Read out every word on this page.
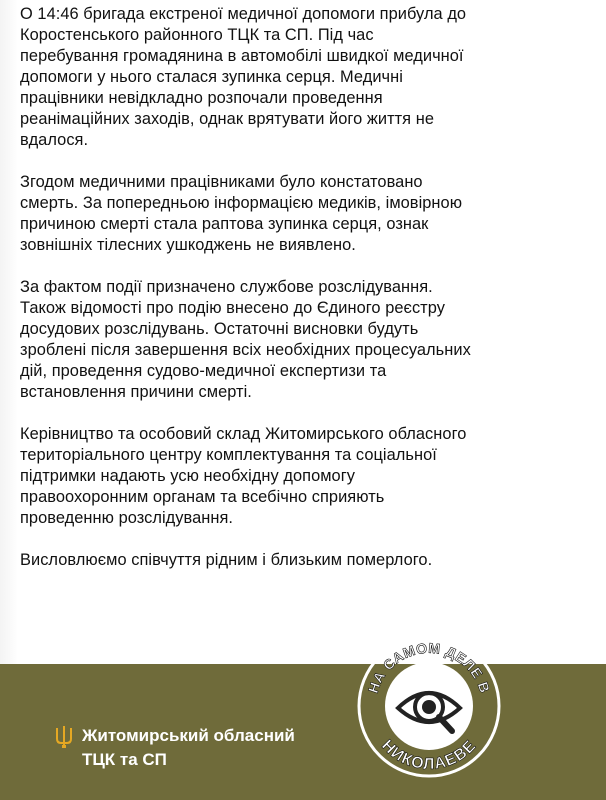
О 14:46 бригада екстреної медичної допомоги прибула до
Коростенського районного ТЦК та СП. Під час
перебування громадянина в автомобілі швидкої медичної
допомоги у нього сталася зупинка серця. Медичні
працівники невідкладно розпочали проведення
реанімаційних заходів, однак врятувати його життя не
вдалося.

Згодом медичними працівниками було констатовано
смерть. За попередньою інформацією медиків, імовірною
причиною смерті стала раптова зупинка серця, ознак
зовнішніх тілесних ушкоджень не виявлено.

За фактом події призначено службове розслідування.
Також відомості про подію внесено до Єдиного реєстру
досудових розслідувань. Остаточні висновки будуть
зроблені після завершення всіх необхідних процесуальних
дій, проведення судово-медичної експертизи та
встановлення причини смерті.

Керівництво та особовий склад Житомирського обласного
територіального центру комплектування та соціальної
підтримки надають усю необхідну допомогу
правоохоронним органам та всебічно сприяють
проведенню розслідування.

Висловлюємо співчуття рідним і близьким померлого.

Житомирський обласний
ТЦК та СП
НА САМОМ ДЕЛЕ В
НИКОЛАЕВЕ
